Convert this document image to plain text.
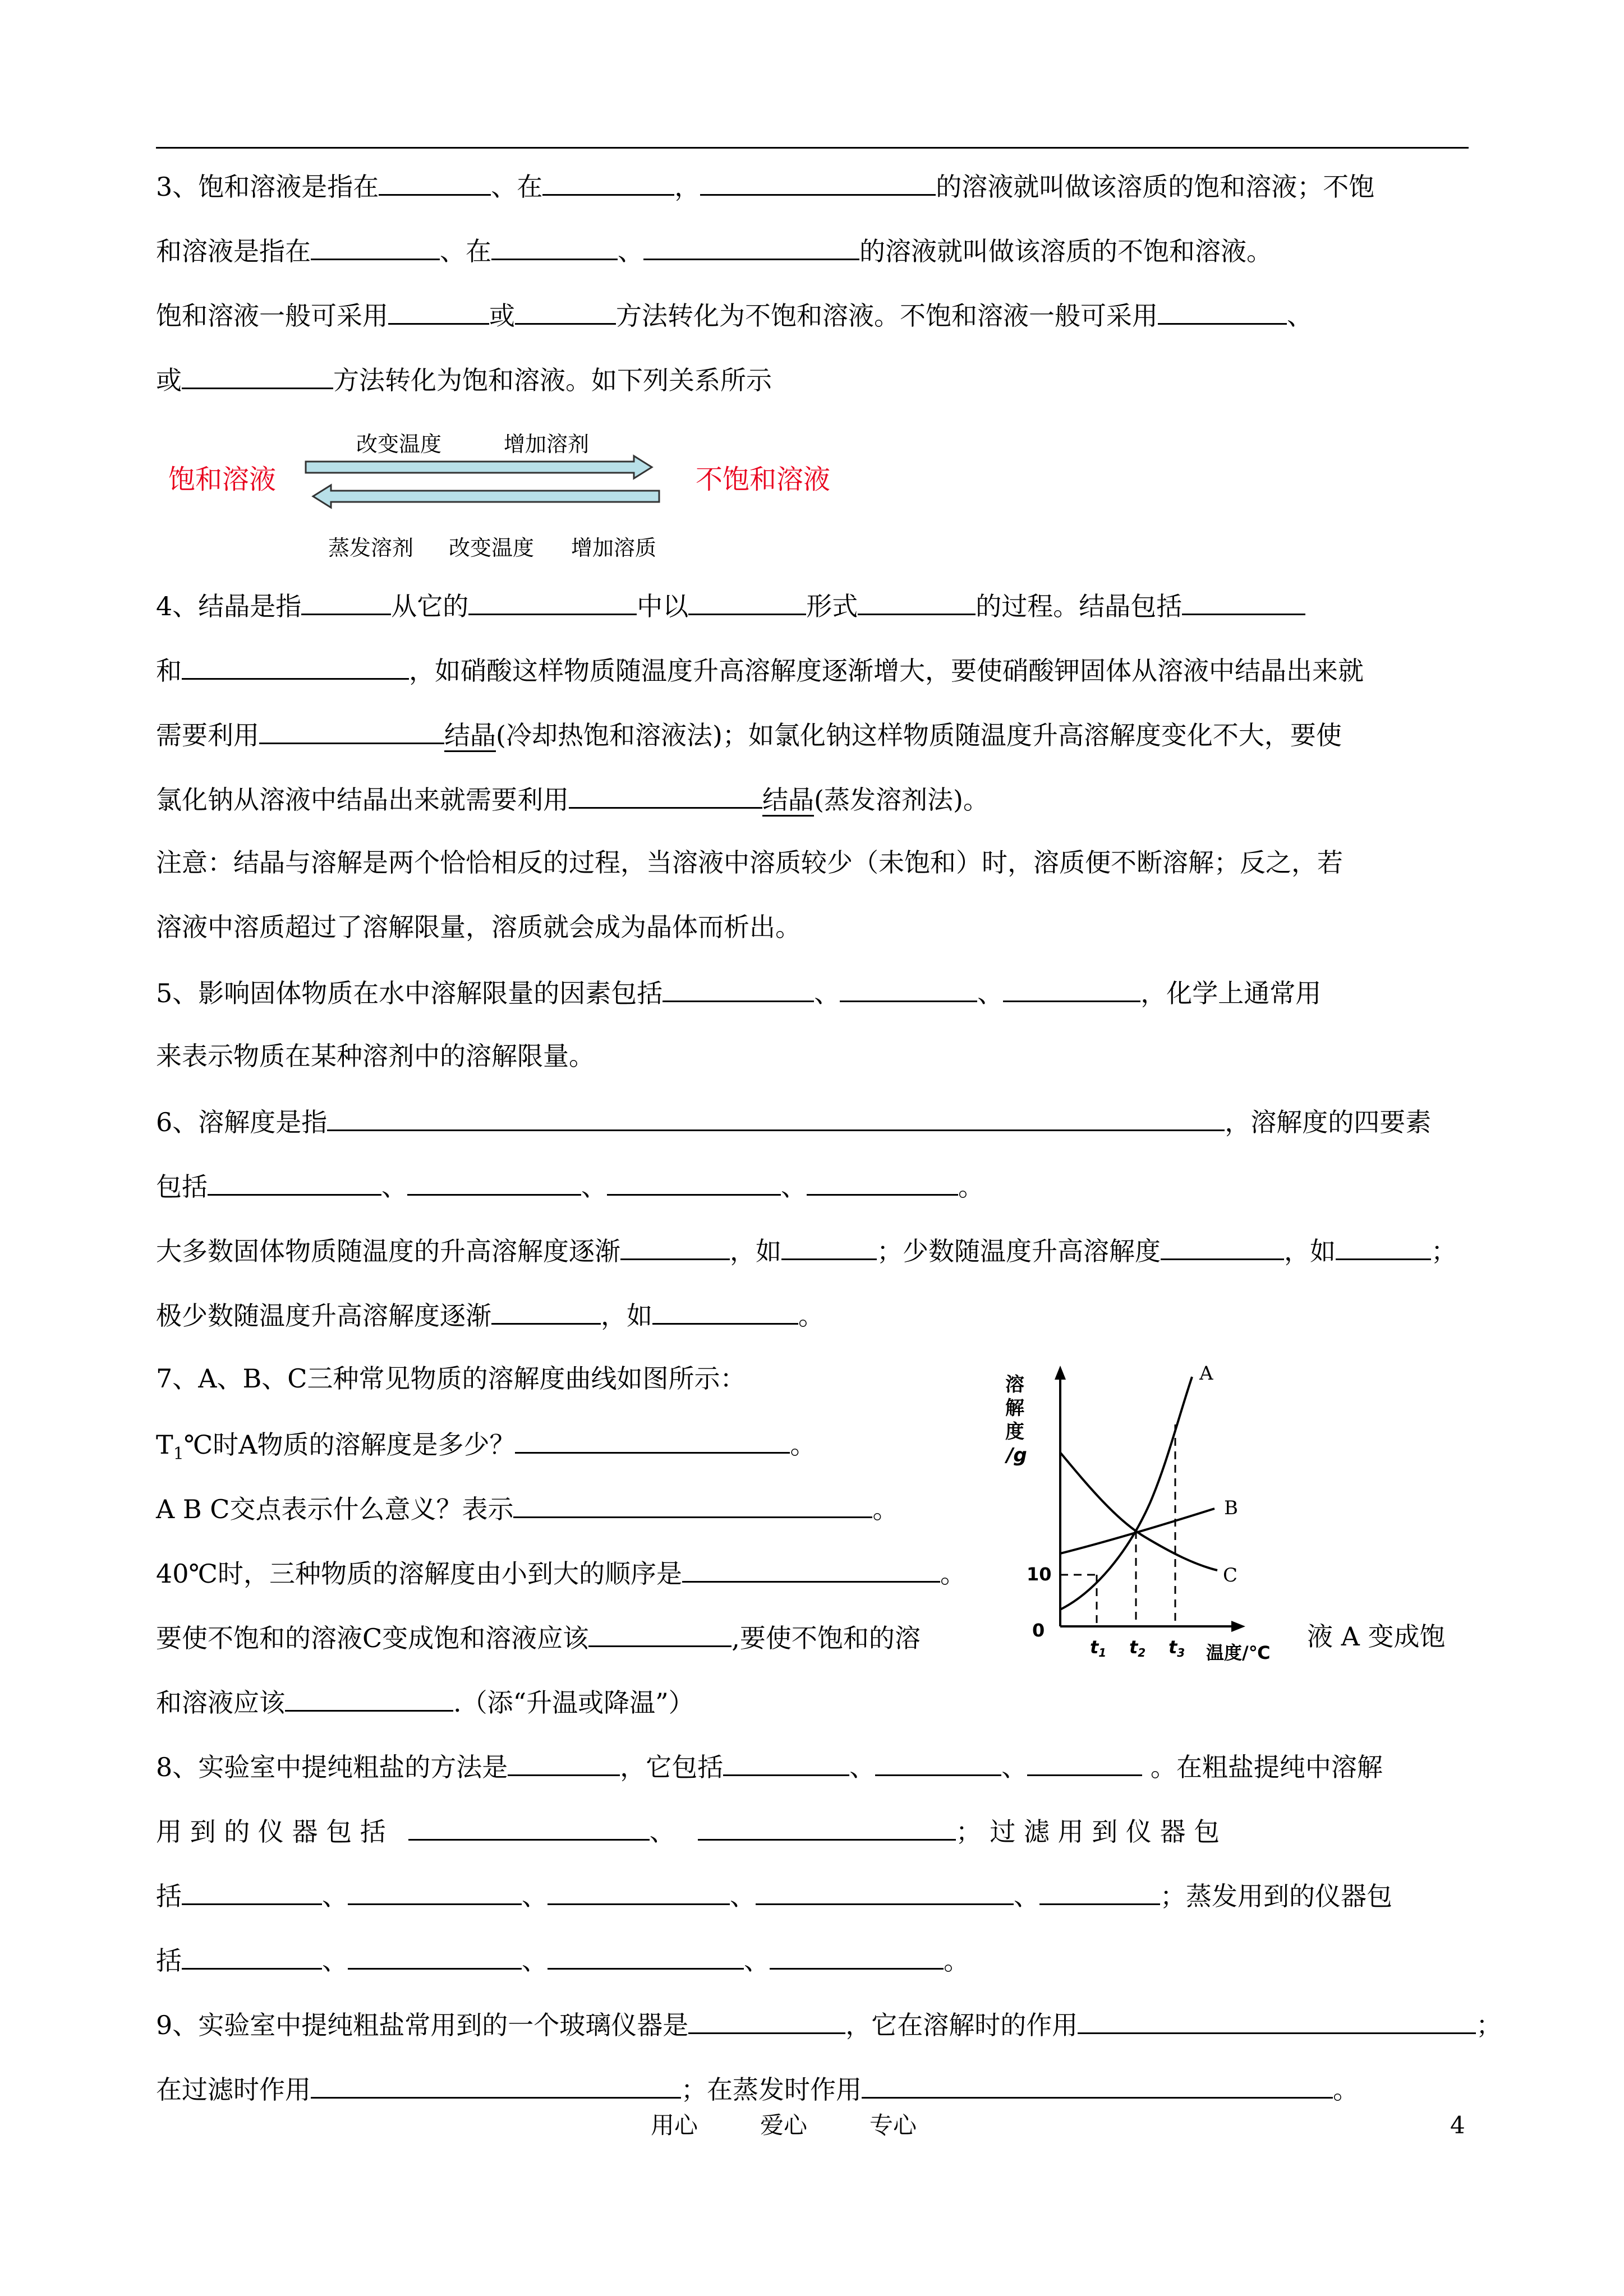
3、饱和溶液是指在	、在	，	的溶液就叫做该溶质的饱和溶液；不饱
和溶液是指在	、在	、	的溶液就叫做该溶质的不饱和溶液。
饱和溶液一般可采用	或	方法转化为不饱和溶液。不饱和溶液一般可采用	、
或	方法转化为饱和溶液。如下列关系所示
饱和溶液	不饱和溶液
改变温度	增加溶剂
蒸发溶剂 改变温度 增加溶质
4、结晶是指	从它的	中以	形式	的过程。结晶包括
和	，如硝酸这样物质随温度升高溶解度逐渐增大，要使硝酸钾固体从溶液中结晶出来就
需要利用	结晶(冷却热饱和溶液法)；如氯化钠这样物质随温度升高溶解度变化不大，要使
氯化钠从溶液中结晶出来就需要利用	结晶(蒸发溶剂法)。
注意：结晶与溶解是两个恰恰相反的过程，当溶液中溶质较少（未饱和）时，溶质便不断溶解；反之，若
溶液中溶质超过了溶解限量，溶质就会成为晶体而析出。
5、影响固体物质在水中溶解限量的因素包括	、	、	，化学上通常用
来表示物质在某种溶剂中的溶解限量。
6、溶解度是指	，溶解度的四要素
包括	、	、	、	。
大多数固体物质随温度的升高溶解度逐渐	，如	；少数随温度升高溶解度	，如	；
极少数随温度升高溶解度逐渐	，如	。
7、A、B、C三种常见物质的溶解度曲线如图所示：
$T_1℃$时A物质的溶解度是多少？	。
A B C交点表示什么意义？表示	。
40℃时，三种物质的溶解度由小到大的顺序是	。
要使不饱和的溶液C变成饱和溶液应该	,要使不饱和的溶	液 A 变成饱
和溶液应该	.（添“升温或降温”）
溶
解
度
/g
10
0
t1 t2 t3 温度/℃
A
B
C
8、实验室中提纯粗盐的方法是	，它包括	、	、	。在粗盐提纯中溶解
用 到 的 仪 器 包 括	、	； 过 滤 用 到 仪 器 包
括	、	、	、	、	；蒸发用到的仪器包
括	、	、	、	。
9、实验室中提纯粗盐常用到的一个玻璃仪器是	，它在溶解时的作用	；
在过滤时作用	；在蒸发时作用	。
用心	爱心	专心	4
